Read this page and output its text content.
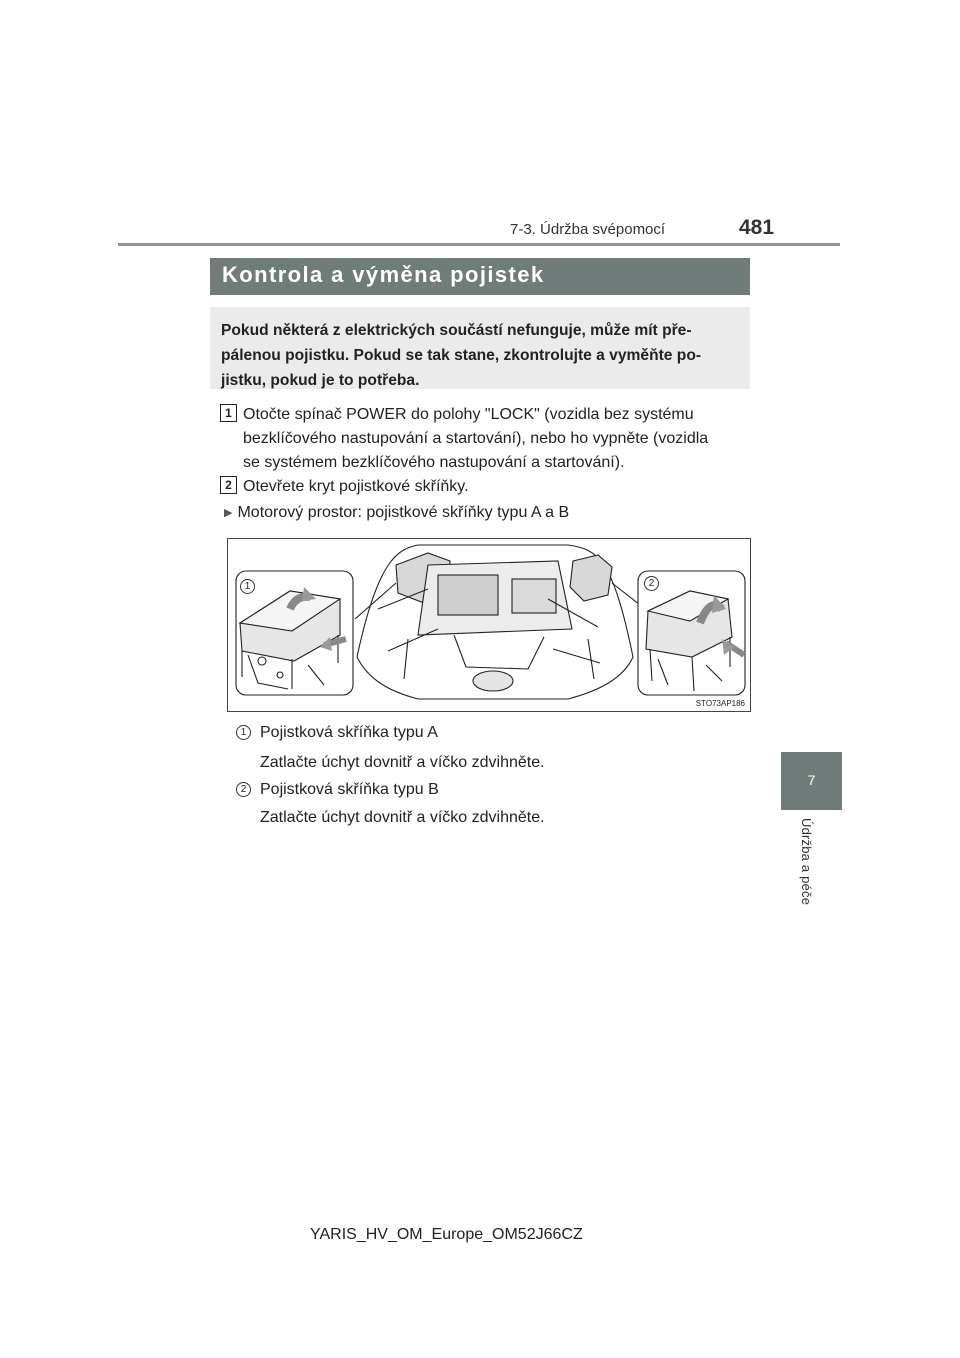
7-3. Údržba svépomocí	481
7
Údržba a péče
Kontrola a výměna pojistek

Pokud některá z elektrických součástí nefunguje, může mít pře-

pálenou pojistku. Pokud se tak stane, zkontrolujte a vyměňte po-

jistku, pokud je to potřeba.

1 Otočte spínač POWER do polohy "LOCK" (vozidla bez systému
bezklíčového nastupování a startování), nebo ho vypněte (vozidla
se systémem bezklíčového nastupování a startování).
2 Otevřete kryt pojistkové skříňky.

▶ Motorový prostor: pojistkové skříňky typu A a B
1	2
STO73AP186
1 Pojistková skříňka typu A

Zatlačte úchyt dovnitř a víčko zdvihněte.

2 Pojistková skříňka typu B

Zatlačte úchyt dovnitř a víčko zdvihněte.

YARIS_HV_OM_Europe_OM52J66CZ
